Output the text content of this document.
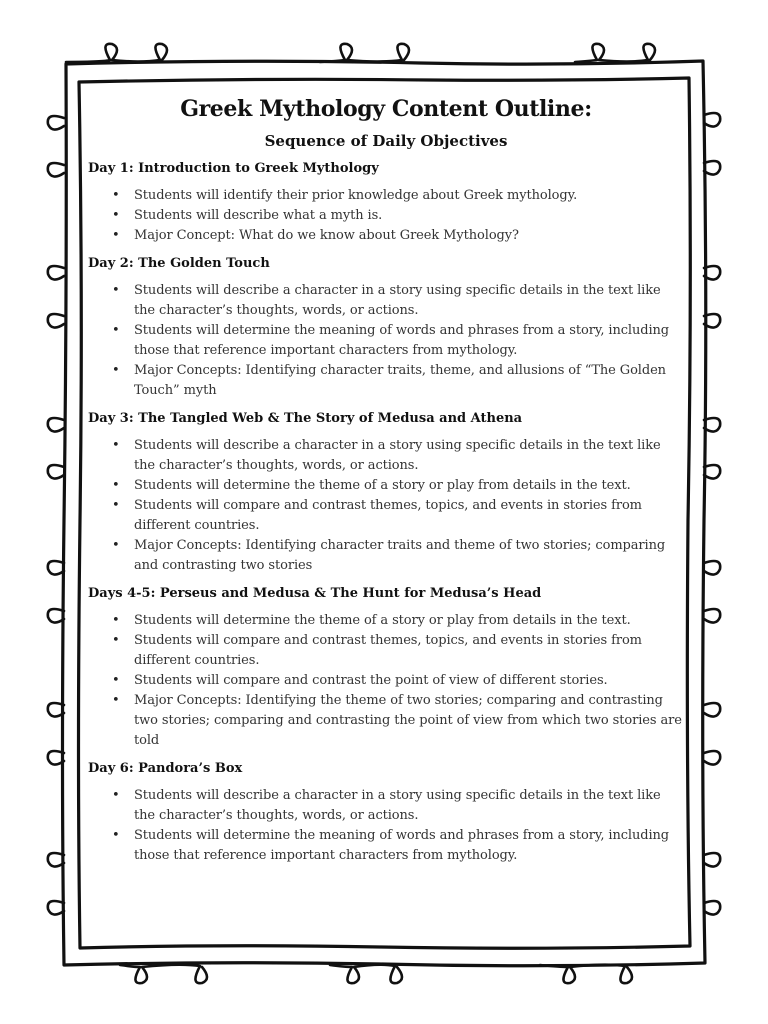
Greek Mythology Content Outline:
Sequence of Daily Objectives
Day 1: Introduction to Greek Mythology
• Students will identify their prior knowledge about Greek mythology.
• Students will describe what a myth is.
• Major Concept: What do we know about Greek Mythology?
Day 2: The Golden Touch
• Students will describe a character in a story using specific details in the text like the character’s thoughts, words, or actions.
• Students will determine the meaning of words and phrases from a story, including those that reference important characters from mythology.
• Major Concepts: Identifying character traits, theme, and allusions of “The Golden Touch” myth
Day 3: The Tangled Web & The Story of Medusa and Athena
• Students will describe a character in a story using specific details in the text like the character’s thoughts, words, or actions.
• Students will determine the theme of a story or play from details in the text.
• Students will compare and contrast themes, topics, and events in stories from different countries.
• Major Concepts: Identifying character traits and theme of two stories; comparing and contrasting two stories
Days 4-5: Perseus and Medusa & The Hunt for Medusa’s Head
• Students will determine the theme of a story or play from details in the text.
• Students will compare and contrast themes, topics, and events in stories from different countries.
• Students will compare and contrast the point of view of different stories.
• Major Concepts: Identifying the theme of two stories; comparing and contrasting two stories; comparing and contrasting the point of view from which two stories are told
Day 6: Pandora’s Box
• Students will describe a character in a story using specific details in the text like the character’s thoughts, words, or actions.
• Students will determine the meaning of words and phrases from a story, including those that reference important characters from mythology.
